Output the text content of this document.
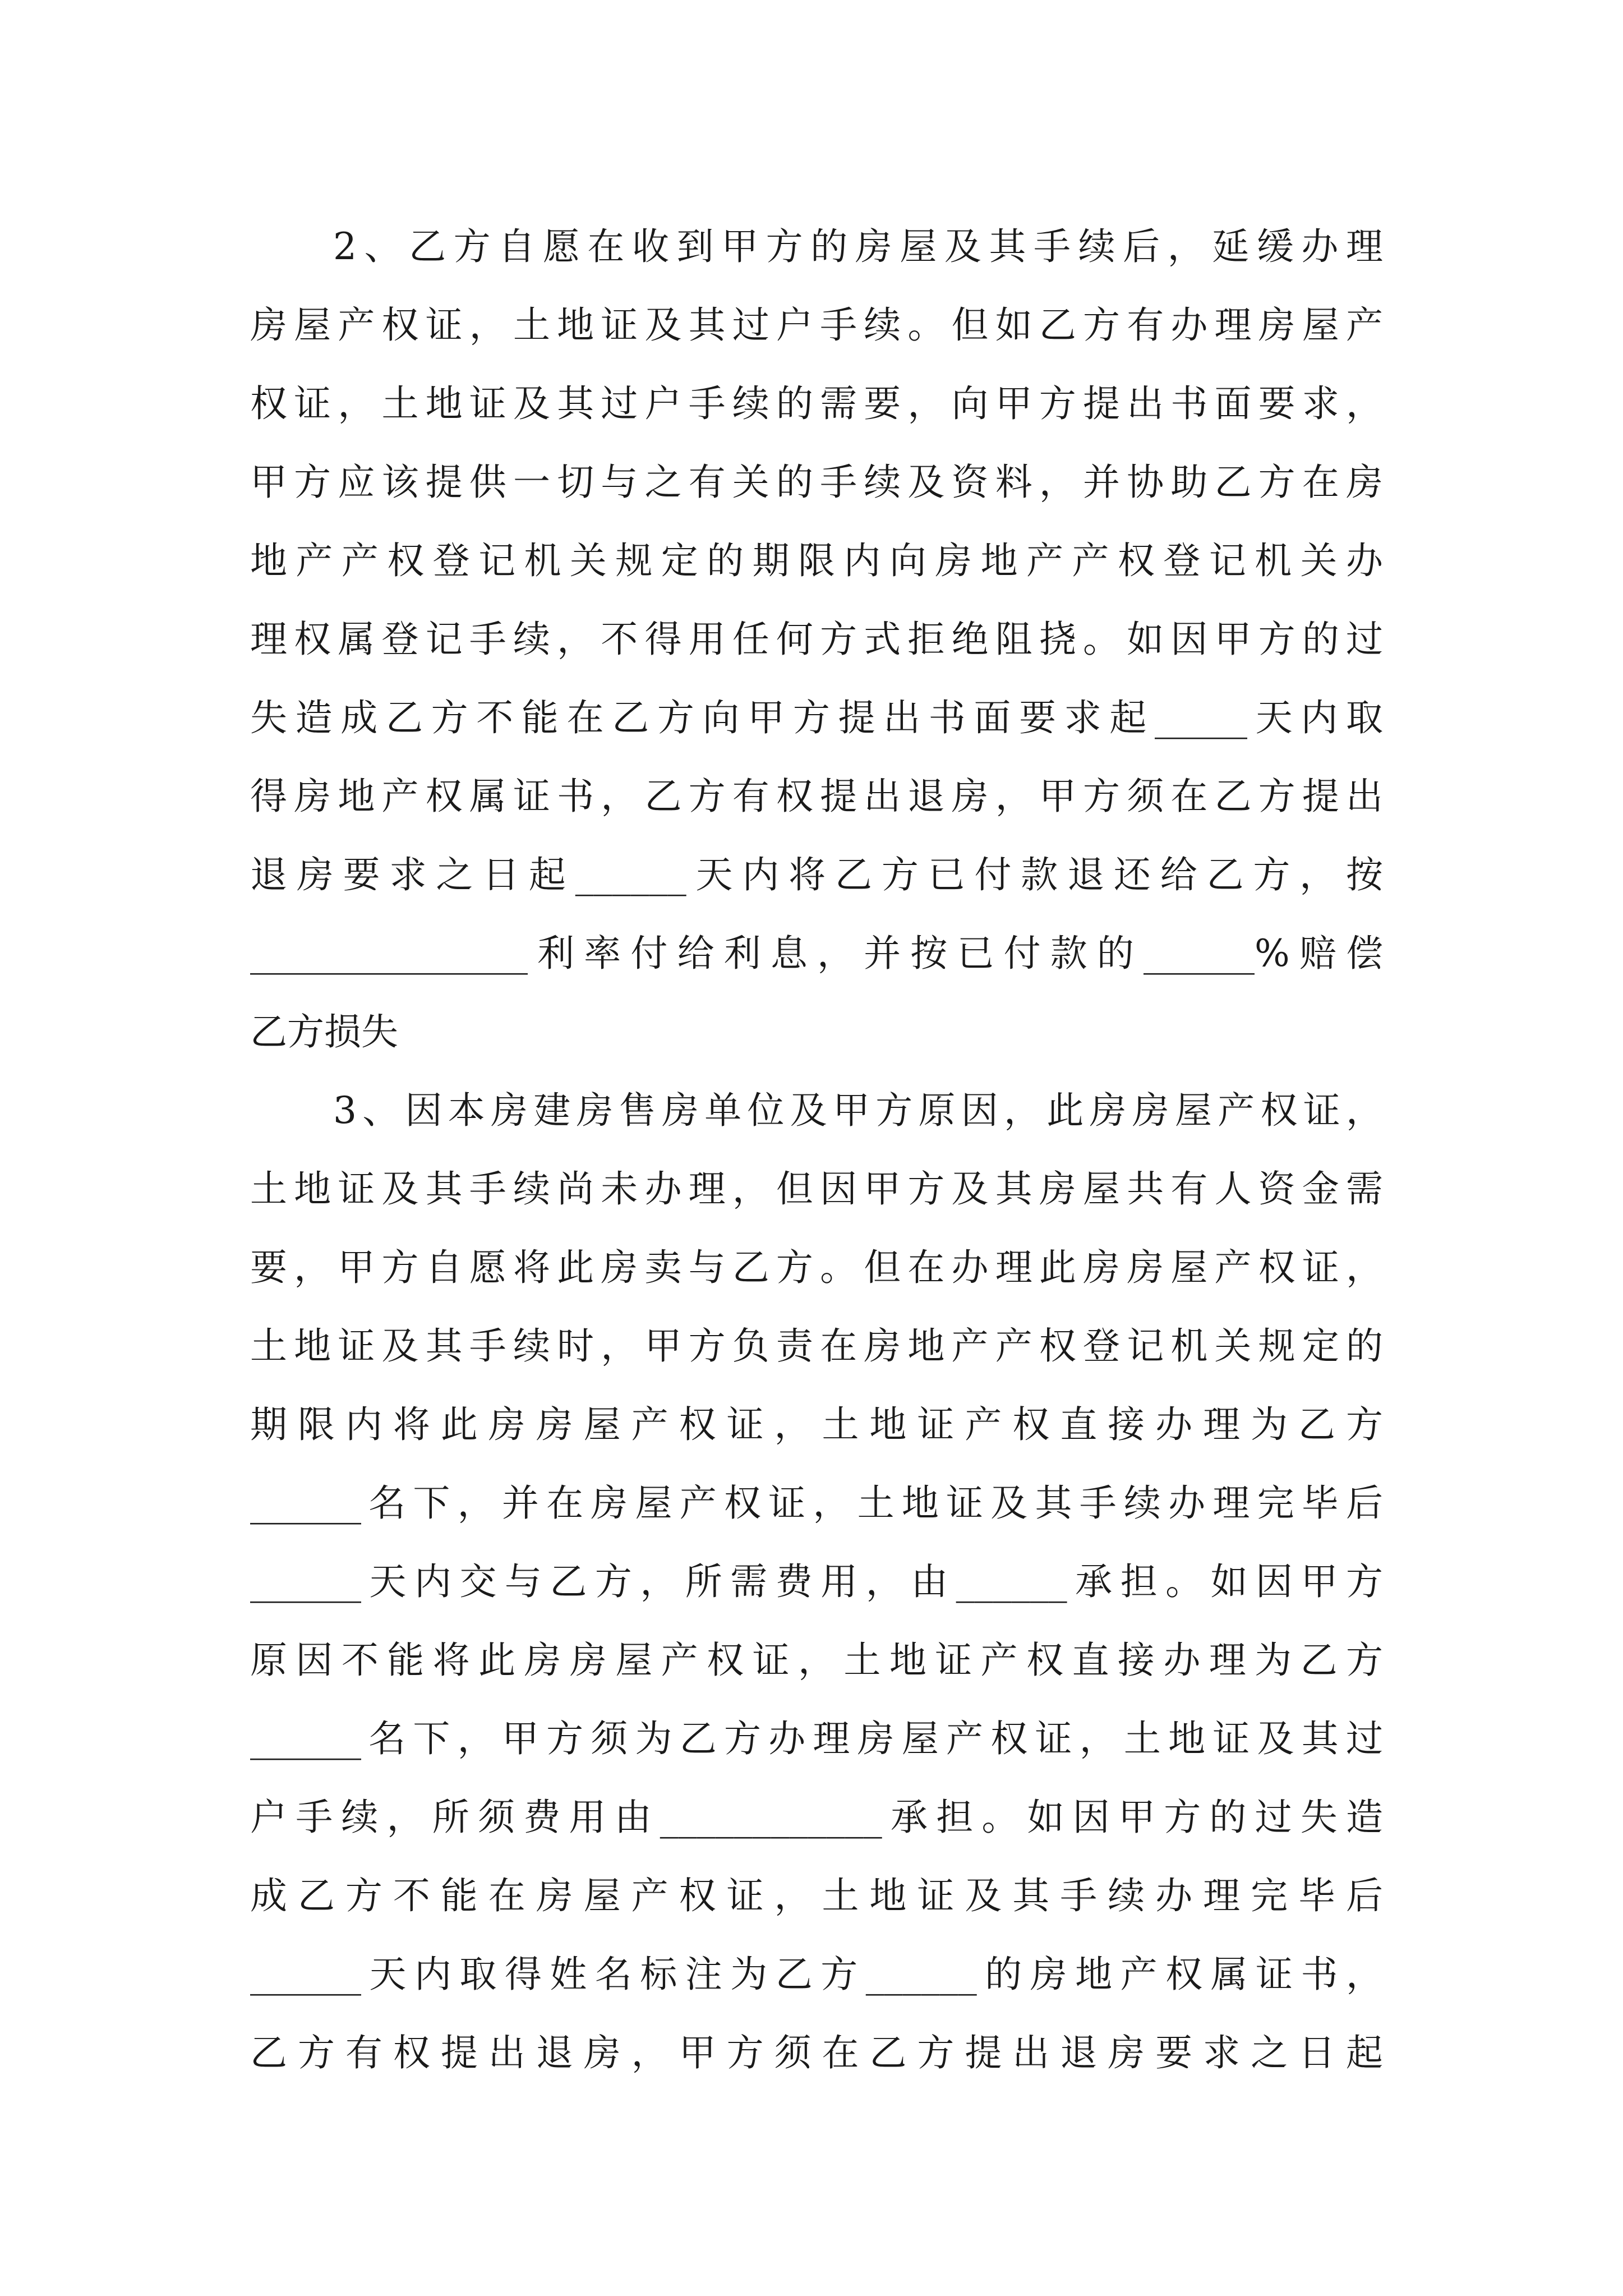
2、乙方自愿在收到甲方的房屋及其手续后，延缓办理
房屋产权证，土地证及其过户手续。但如乙方有办理房屋产
权证，土地证及其过户手续的需要，向甲方提出书面要求，
甲方应该提供一切与之有关的手续及资料，并协助乙方在房
地产产权登记机关规定的期限内向房地产产权登记机关办
理权属登记手续，不得用任何方式拒绝阻挠。如因甲方的过
失造成乙方不能在乙方向甲方提出书面要求起_____天内取
得房地产权属证书，乙方有权提出退房，甲方须在乙方提出
退房要求之日起______天内将乙方已付款退还给乙方，按
_______________利率付给利息，并按已付款的______%赔偿
乙方损失
3、因本房建房售房单位及甲方原因，此房房屋产权证，
土地证及其手续尚未办理，但因甲方及其房屋共有人资金需
要，甲方自愿将此房卖与乙方。但在办理此房房屋产权证，
土地证及其手续时，甲方负责在房地产产权登记机关规定的
期限内将此房房屋产权证，土地证产权直接办理为乙方
______名下，并在房屋产权证，土地证及其手续办理完毕后
______天内交与乙方，所需费用，由______承担。如因甲方
原因不能将此房房屋产权证，土地证产权直接办理为乙方
______名下，甲方须为乙方办理房屋产权证，土地证及其过
户手续，所须费用由____________承担。如因甲方的过失造
成乙方不能在房屋产权证，土地证及其手续办理完毕后
______天内取得姓名标注为乙方______的房地产权属证书，
乙方有权提出退房，甲方须在乙方提出退房要求之日起
